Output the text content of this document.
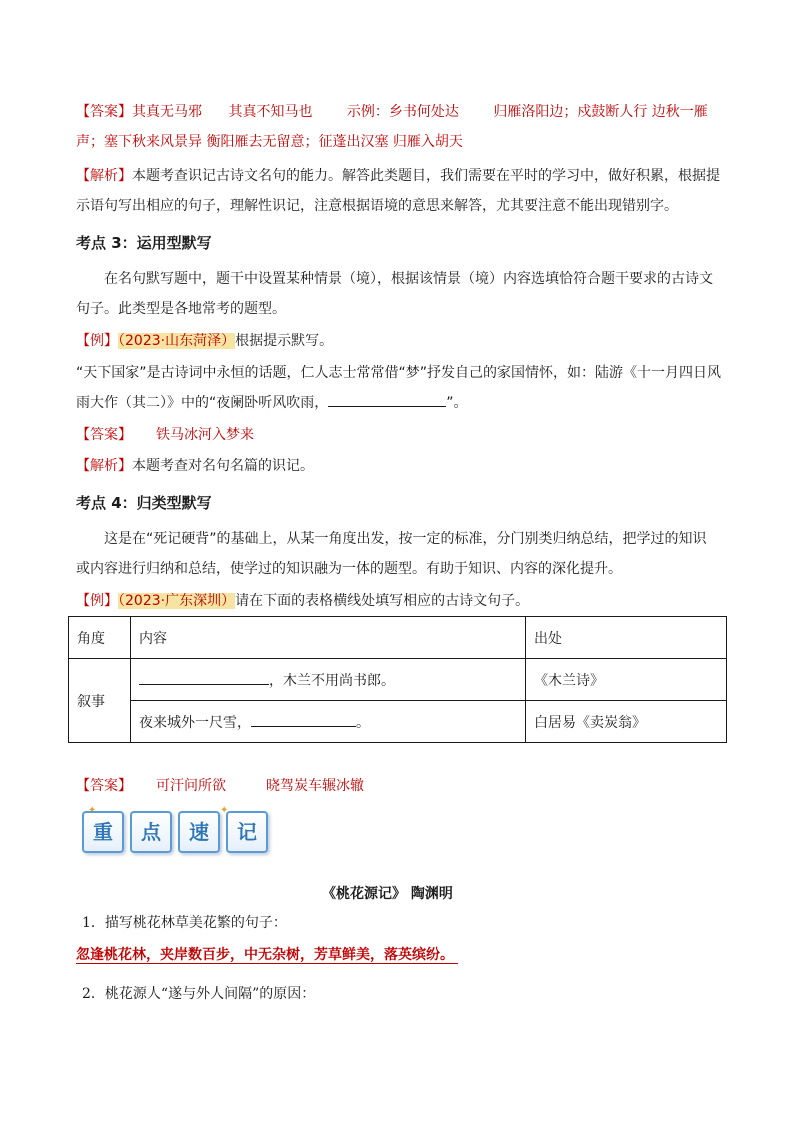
【答案】其真无马邪 其真不知马也 示例：乡书何处达 归雁洛阳边；戍鼓断人行 边秋一雁
声；塞下秋来风景异 衡阳雁去无留意；征蓬出汉塞 归雁入胡天
【解析】本题考查识记古诗文名句的能力。解答此类题目，我们需要在平时的学习中，做好积累，根据提
示语句写出相应的句子，理解性识记，注意根据语境的意思来解答，尤其要注意不能出现错别字。
考点 3：运用型默写
在名句默写题中，题干中设置某种情景（境），根据该情景（境）内容选填恰符合题干要求的古诗文
句子。此类型是各地常考的题型。
【例】（2023·山东菏泽）根据提示默写。
“天下国家”是古诗词中永恒的话题，仁人志士常常借“梦”抒发自己的家国情怀，如：陆游《十一月四日风
雨大作（其二）》中的“夜阑卧听风吹雨，	”。
【答案】 铁马冰河入梦来
【解析】本题考查对名句名篇的识记。
考点 4：归类型默写
这是在“死记硬背”的基础上，从某一角度出发，按一定的标准，分门别类归纳总结，把学过的知识
或内容进行归纳和总结，使学过的知识融为一体的题型。有助于知识、内容的深化提升。
【例】（2023·广东深圳）请在下面的表格横线处填写相应的古诗文句子。
角度	内容	出处
叙事	，木兰不用尚书郎。	《木兰诗》
	夜来城外一尺雪， 。	白居易《卖炭翁》
【答案】 可汗问所欲	晓驾炭车辗冰辙
重	点	速	记
✦
《桃花源记》 陶渊明
1．描写桃花林草美花繁的句子：
忽逢桃花林，夹岸数百步，中无杂树，芳草鲜美，落英缤纷。
2．桃花源人“遂与外人间隔”的原因：
